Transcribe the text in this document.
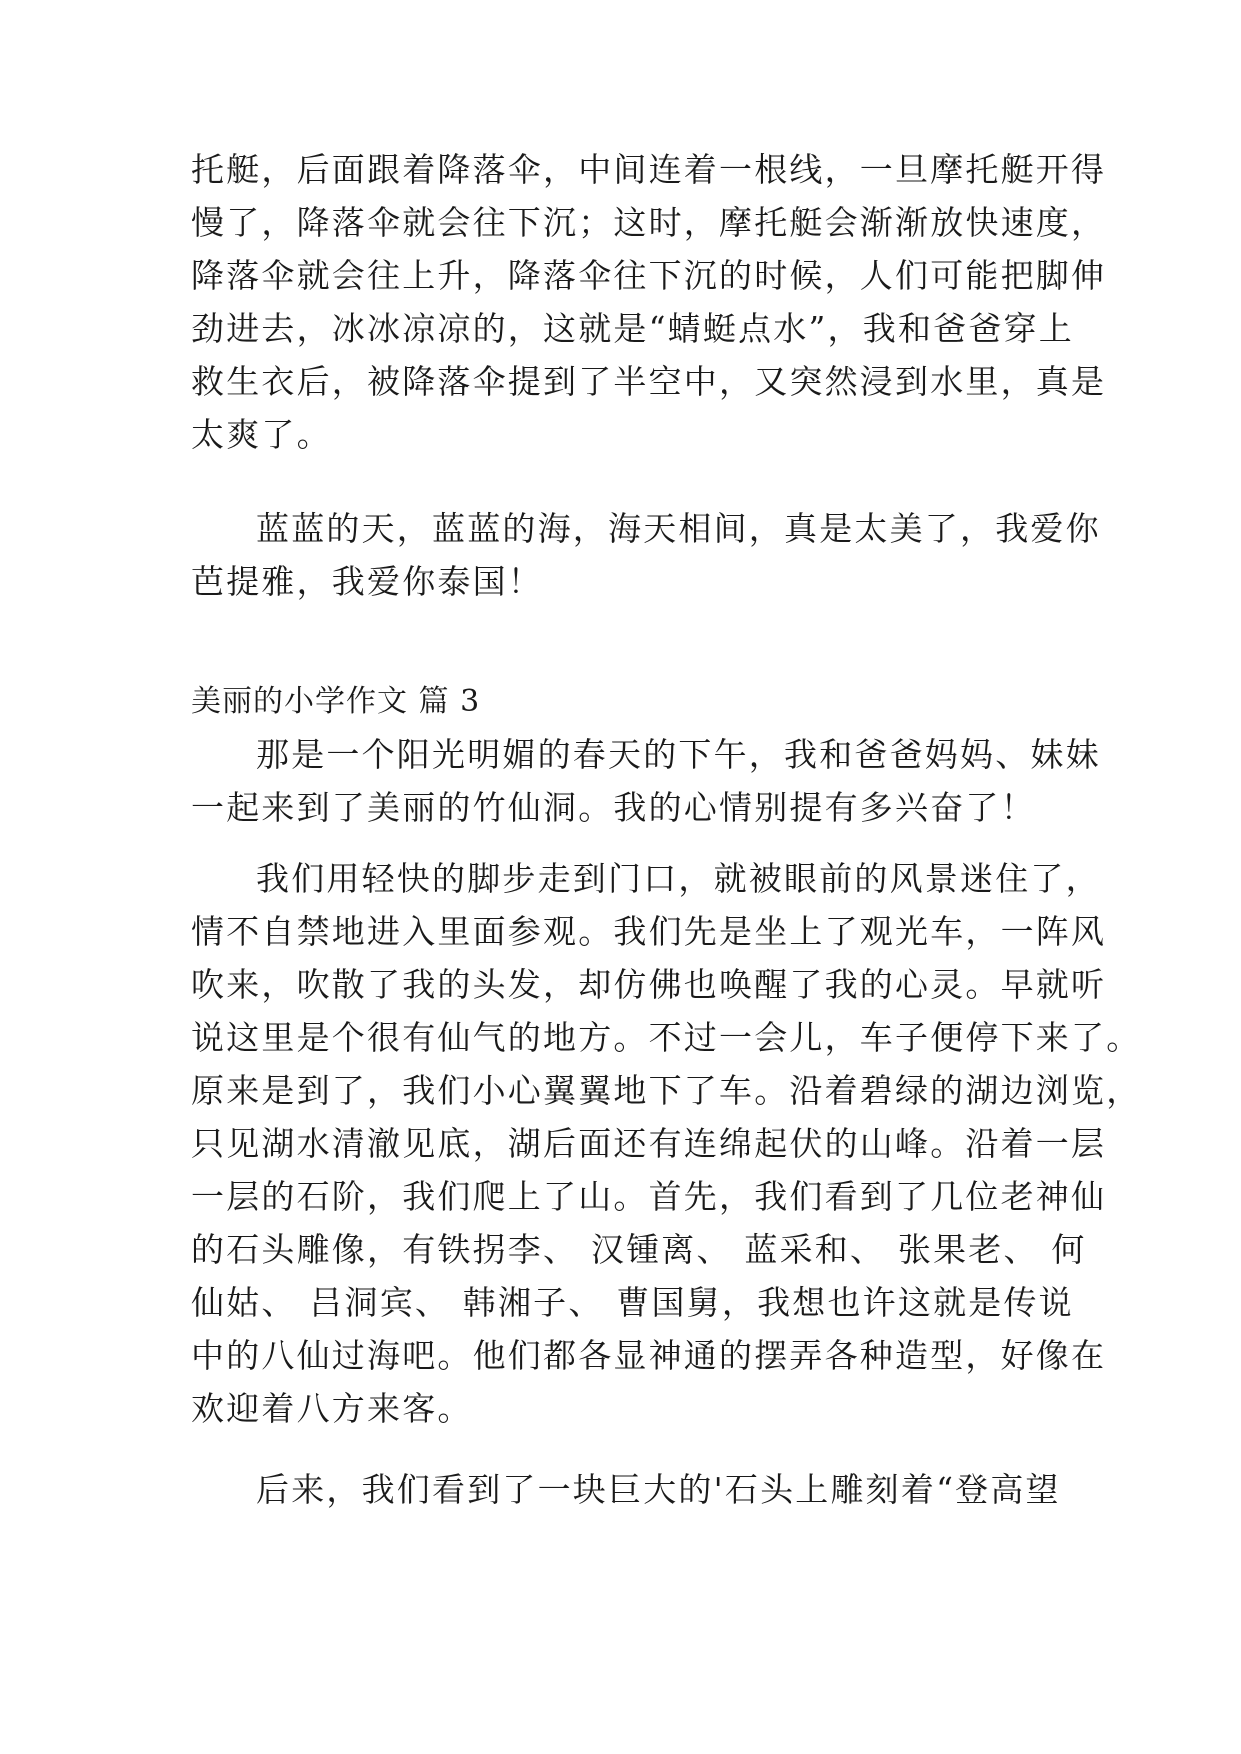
托艇，后面跟着降落伞，中间连着一根线，一旦摩托艇开得
慢了，降落伞就会往下沉；这时，摩托艇会渐渐放快速度，
降落伞就会往上升，降落伞往下沉的时候，人们可能把脚伸
劲进去，冰冰凉凉的，这就是“蜻蜓点水”，我和爸爸穿上
救生衣后，被降落伞提到了半空中，又突然浸到水里，真是
太爽了。
蓝蓝的天，蓝蓝的海，海天相间，真是太美了，我爱你
芭提雅，我爱你泰国！
美丽的小学作文 篇 3
那是一个阳光明媚的春天的下午，我和爸爸妈妈、妹妹
一起来到了美丽的竹仙洞。我的心情别提有多兴奋了！
我们用轻快的脚步走到门口，就被眼前的风景迷住了，
情不自禁地进入里面参观。我们先是坐上了观光车，一阵风
吹来，吹散了我的头发，却仿佛也唤醒了我的心灵。早就听
说这里是个很有仙气的地方。不过一会儿，车子便停下来了。
原来是到了，我们小心翼翼地下了车。沿着碧绿的湖边浏览，
只见湖水清澈见底，湖后面还有连绵起伏的山峰。沿着一层
一层的石阶，我们爬上了山。首先，我们看到了几位老神仙
的石头雕像，有铁拐李、 汉锺离、 蓝采和、 张果老、 何
仙姑、 吕洞宾、 韩湘子、 曹国舅，我想也许这就是传说
中的八仙过海吧。他们都各显神通的摆弄各种造型，好像在
欢迎着八方来客。
后来，我们看到了一块巨大的'石头上雕刻着“登高望
